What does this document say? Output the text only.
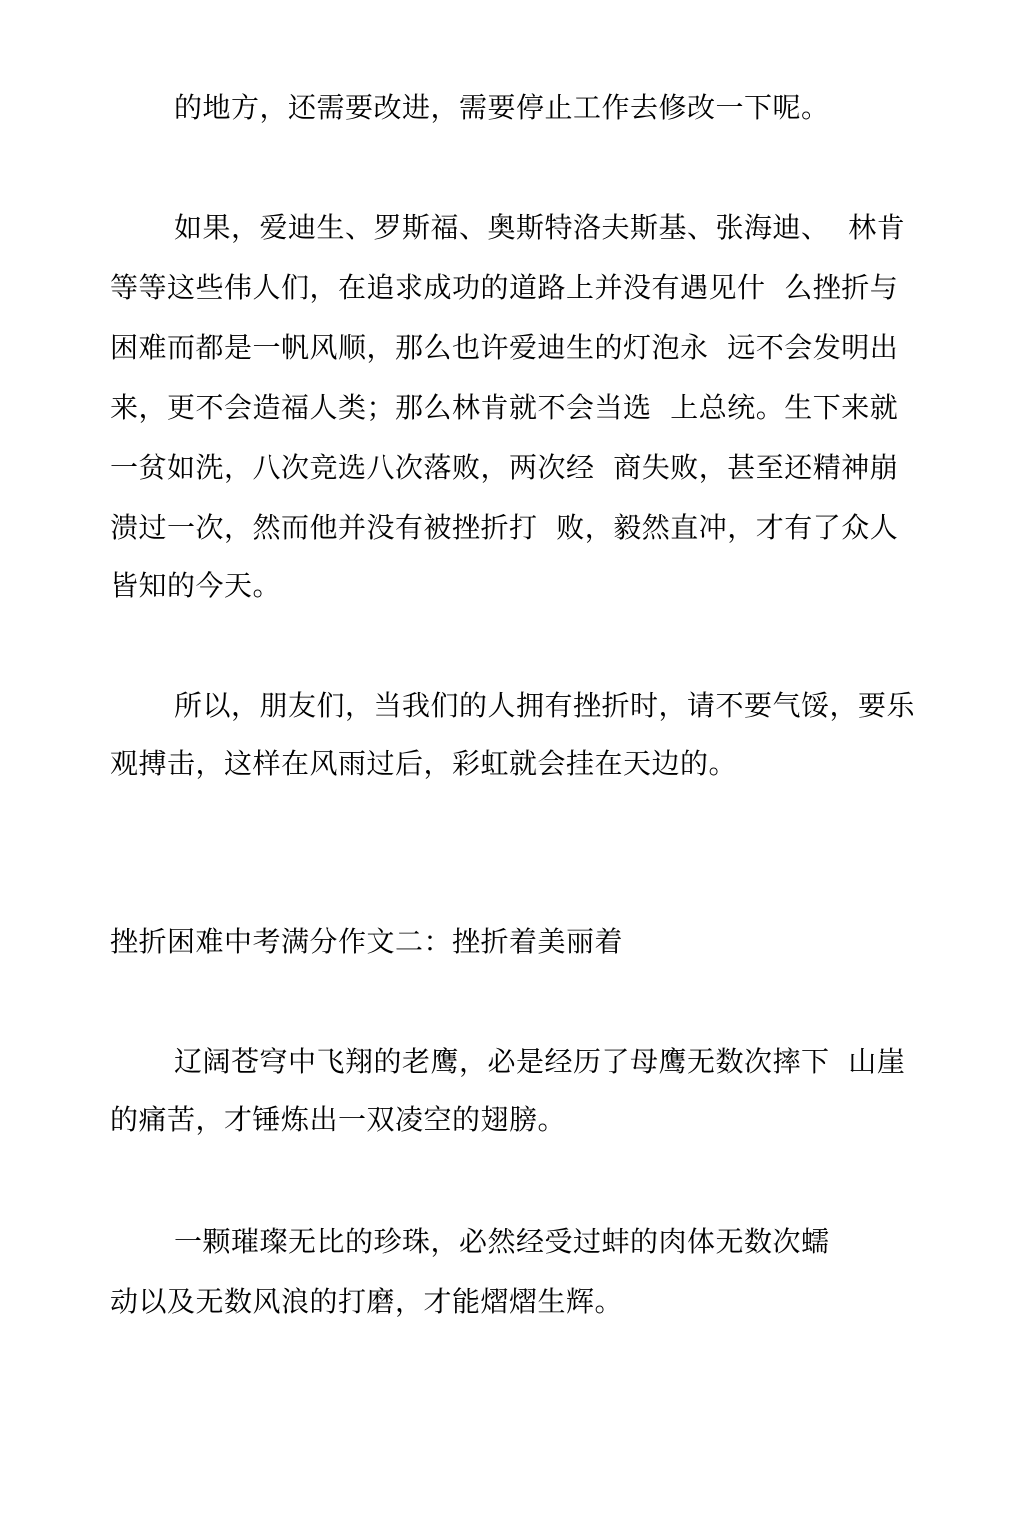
的地方，还需要改进，需要停止工作去修改一下呢。
如果，爱迪生、罗斯福、奥斯特洛夫斯基、张海迪、  林肯
等等这些伟人们，在追求成功的道路上并没有遇见什  么挫折与
困难而都是一帆风顺，那么也许爱迪生的灯泡永  远不会发明出
来，更不会造福人类；那么林肯就不会当选  上总统。生下来就
一贫如洗，八次竞选八次落败，两次经  商失败，甚至还精神崩
溃过一次，然而他并没有被挫折打  败，毅然直冲，才有了众人
皆知的今天。
所以，朋友们，当我们的人拥有挫折时，请不要气馁，要乐
观搏击，这样在风雨过后，彩虹就会挂在天边的。
挫折困难中考满分作文二：挫折着美丽着
辽阔苍穹中飞翔的老鹰，必是经历了母鹰无数次摔下  山崖
的痛苦，才锤炼出一双凌空的翅膀。
一颗璀璨无比的珍珠，必然经受过蚌的肉体无数次蠕
动以及无数风浪的打磨，才能熠熠生辉。
